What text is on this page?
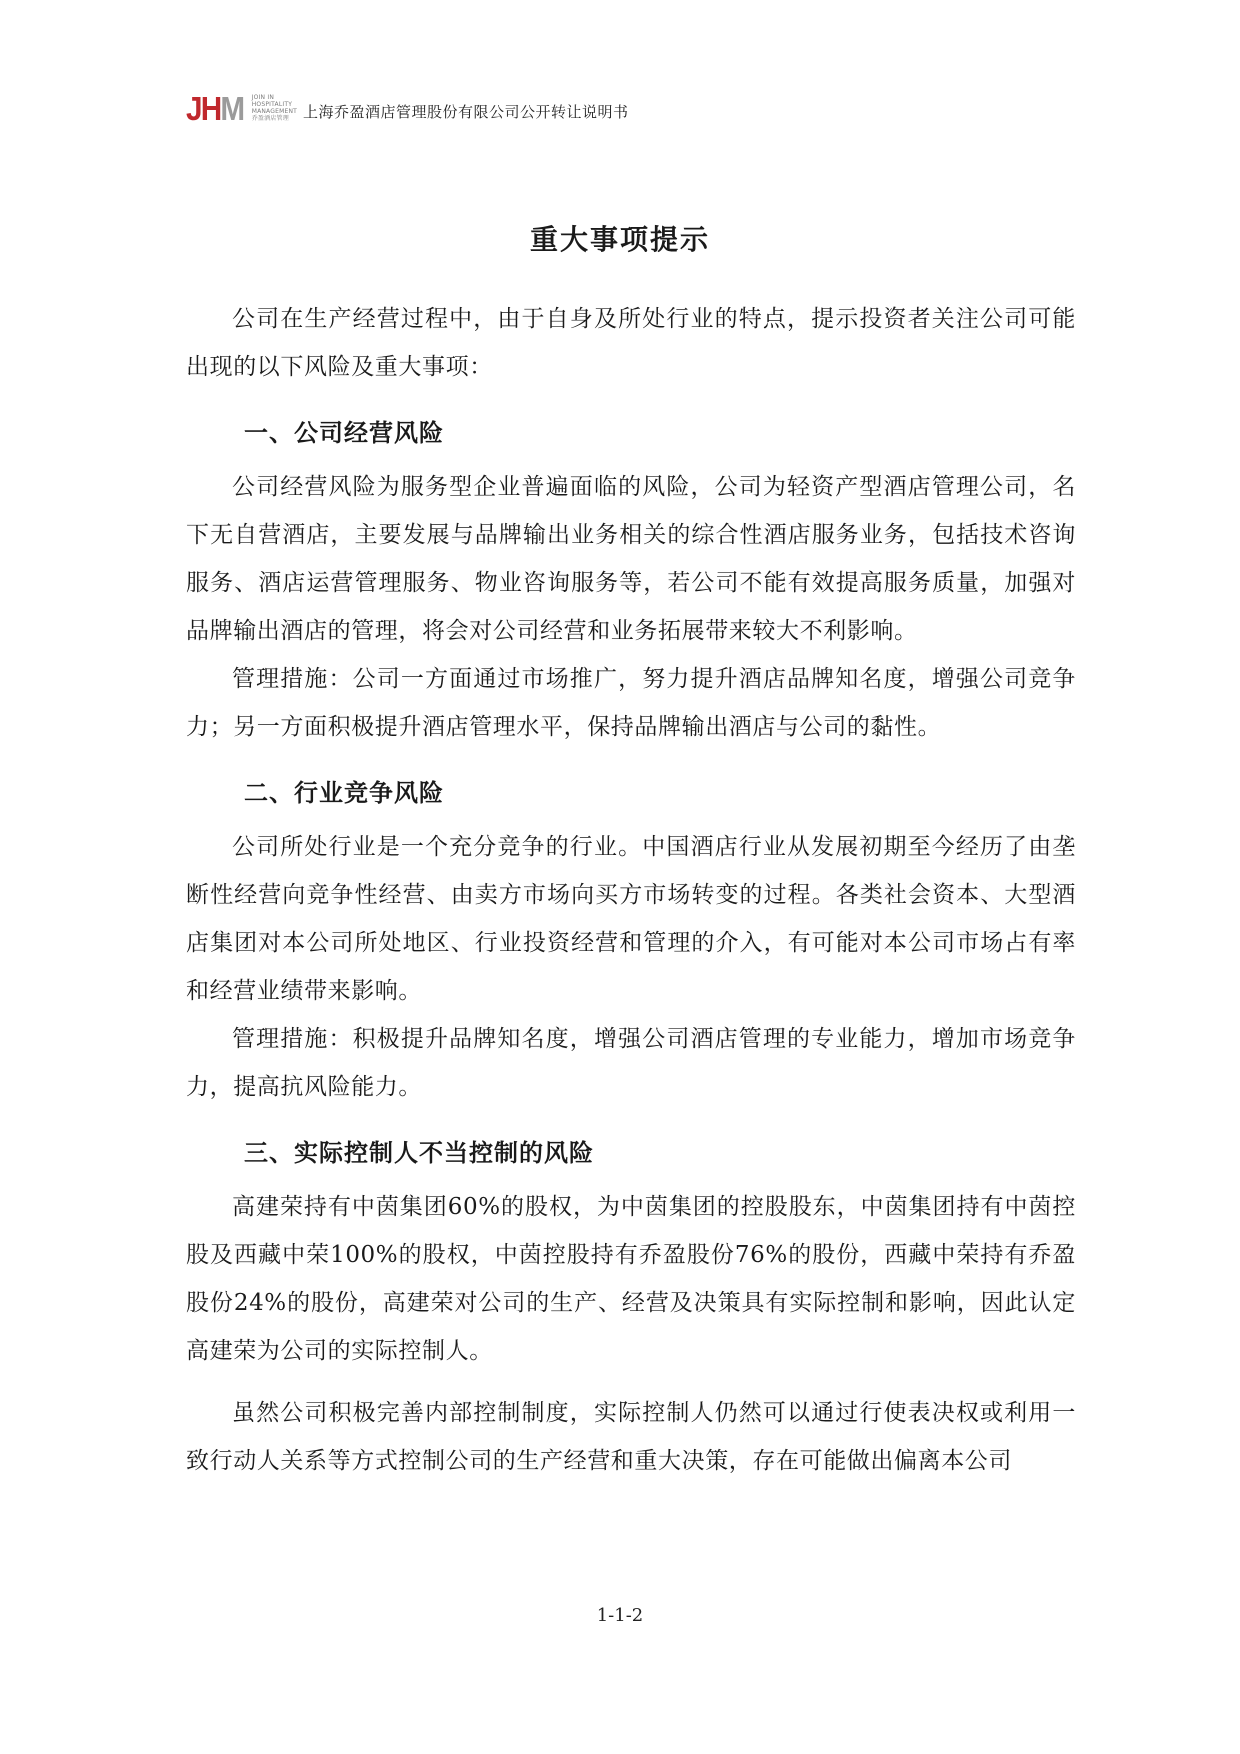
JHM JOIN IN
HOSPITALITY
MANAGEMENT
乔盈酒店管理 上海乔盈酒店管理股份有限公司公开转让说明书
重大事项提示

公司在生产经营过程中，由于自身及所处行业的特点，提示投资者关注公司可能出现的以下风险及重大事项：

一、公司经营风险

公司经营风险为服务型企业普遍面临的风险，公司为轻资产型酒店管理公司，名下无自营酒店，主要发展与品牌输出业务相关的综合性酒店服务业务，包括技术咨询服务、酒店运营管理服务、物业咨询服务等，若公司不能有效提高服务质量，加强对品牌输出酒店的管理，将会对公司经营和业务拓展带来较大不利影响。

管理措施：公司一方面通过市场推广，努力提升酒店品牌知名度，增强公司竞争力；另一方面积极提升酒店管理水平，保持品牌输出酒店与公司的黏性。

二、行业竞争风险

公司所处行业是一个充分竞争的行业。中国酒店行业从发展初期至今经历了由垄断性经营向竞争性经营、由卖方市场向买方市场转变的过程。各类社会资本、大型酒店集团对本公司所处地区、行业投资经营和管理的介入，有可能对本公司市场占有率和经营业绩带来影响。

管理措施：积极提升品牌知名度，增强公司酒店管理的专业能力，增加市场竞争力，提高抗风险能力。

三、实际控制人不当控制的风险

高建荣持有中茵集团60%的股权，为中茵集团的控股股东，中茵集团持有中茵控股及西藏中荣100%的股权，中茵控股持有乔盈股份76%的股份，西藏中荣持有乔盈股份24%的股份，高建荣对公司的生产、经营及决策具有实际控制和影响，因此认定高建荣为公司的实际控制人。

虽然公司积极完善内部控制制度，实际控制人仍然可以通过行使表决权或利用一致行动人关系等方式控制公司的生产经营和重大决策，存在可能做出偏离本公司

1-1-2
